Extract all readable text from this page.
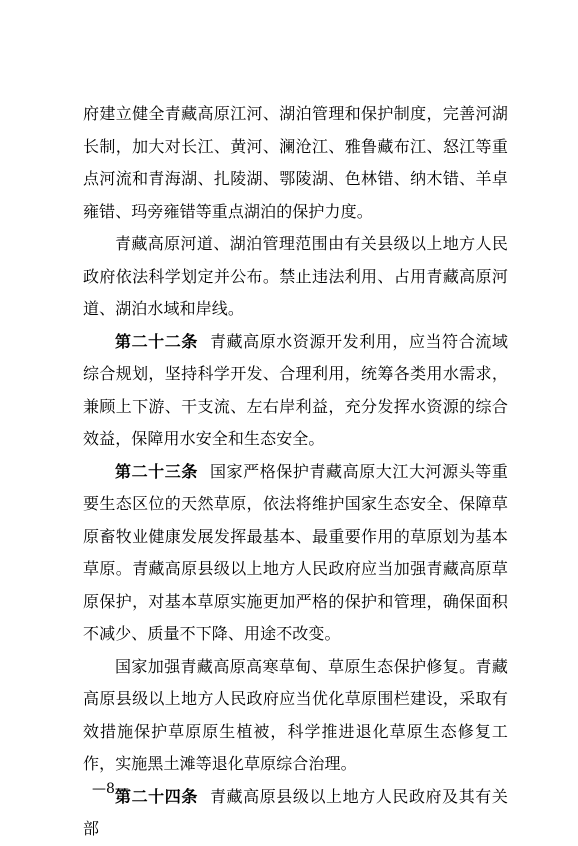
府建立健全青藏高原江河、湖泊管理和保护制度，完善河湖长制，加大对长江、黄河、澜沧江、雅鲁藏布江、怒江等重点河流和青海湖、扎陵湖、鄂陵湖、色林错、纳木错、羊卓雍错、玛旁雍错等重点湖泊的保护力度。

青藏高原河道、湖泊管理范围由有关县级以上地方人民政府依法科学划定并公布。禁止违法利用、占用青藏高原河道、湖泊水域和岸线。

第二十二条 青藏高原水资源开发利用，应当符合流域综合规划，坚持科学开发、合理利用，统筹各类用水需求，兼顾上下游、干支流、左右岸利益，充分发挥水资源的综合效益，保障用水安全和生态安全。

第二十三条 国家严格保护青藏高原大江大河源头等重要生态区位的天然草原，依法将维护国家生态安全、保障草原畜牧业健康发展发挥最基本、最重要作用的草原划为基本草原。青藏高原县级以上地方人民政府应当加强青藏高原草原保护，对基本草原实施更加严格的保护和管理，确保面积不减少、质量不下降、用途不改变。

国家加强青藏高原高寒草甸、草原生态保护修复。青藏高原县级以上地方人民政府应当优化草原围栏建设，采取有效措施保护草原原生植被，科学推进退化草原生态修复工作，实施黑土滩等退化草原综合治理。

第二十四条 青藏高原县级以上地方人民政府及其有关部

—8—
